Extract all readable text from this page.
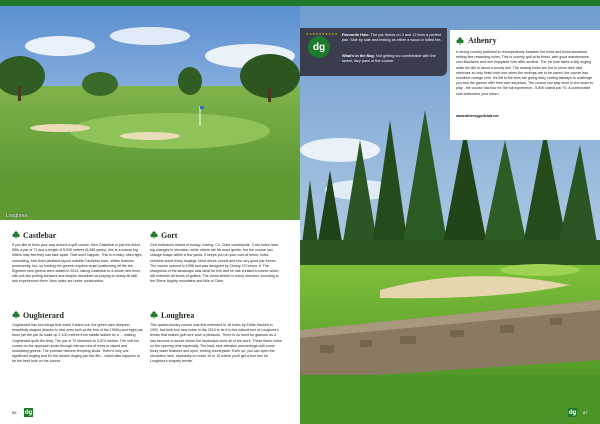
Loughrea
Castlebar

If you like to think your way around a golf course, then Castlebar is just the ticket. With a par of 71 and a length of 5,930 metres (6,485 yards), this is a course big hitters may feel they can take apart. That won't happen. This is a tricky, often tight, undulating, tree-lined parkland layout outside Castlebar town. Water features prominently, too, so holding the greens requires smart positioning off the tee. Eighteen new greens were added in 2013, taking Castlebar to a whole new level, with pot-like putting surfaces and shapes described as playing to nearly all skill and experienced them. New holes are under construction.

Gort

Gort embraces drama of bumpy, tracing, Co. Clare countryside. 3 are holes have big changes in elevation, while others are far more gentle, but the course can change shape within a few yards. It keeps you on your toes at times: holes combine some tricky doglegs, blind drives, ponds and four-wry good par threes. The course opened in 1996 and was designed by Christy O'Connor Jr. The sharpness of the landscape was ideal for him and he has created a course which will entertain all levels of golfers. The views stretch in every direction, including to the Slieve Aughty mountains and hills of Clare.

Oughterard

Oughterard has two things that make it stand out: the green care hbeyond beautifully shaped (thanks to new ones built at the end of the 1990s) and eight par fours (all the par 3s make up 2,100 metres from middle stakes for a ... making Oughterard quite the test). The par of 70 stretches to 5,874 metres. The real fun comes on the approach shots through narrow runs of trees to raised and undulating greens. The promise delivers tempting shots. There's only one significant dogleg and it's the double dogleg par five 8th... which also happens to be the best hole on the course.

Loughrea

This quaint country course was first extended to 18 holes by Eddie Hackett in 1993, but built four new holes in the 2010 to tie it to the natural feel of Loughrea's terrain that makes golf here such a pleasure. There is no need for glamour as it has become a course where the landscape does all of the work. These flame holes on the opening nine especially. The back nine elevates proceedings with some tricky water features and open, testing countryside. Even so, you can open the shoulders here, especially on holes 10 to 15 where you'll get a true feel for Loughrea's shapely terrain.

86 dg
★★★★★★★★★★
dg

Favourite Hole: The par threes on 3 and 12 form a perfect pair. Side by side and testing as either a wood or lofted tee.

What's in the Bag: Not getting too comfortable with the sweet, lazy pace of the course.

Athenry

A strong country parkland in retrospectively between the trees and tricks woodland setting fine rewarding holes. This is country golf at its finest, with good maintenance, cool flourishes and one enjoyable hole after another. The 1st hole takes a tidy dogleg while the 8th is about a woody doll. The closing holes are but to prove their vital stretches so only finish both tour when the endings are to be saved; the course has excellent change over. It's left to the tees are giving fairly cutting fairways to challenge you and the greens offer their own surprises. The course can play short to the seam to play - the course has four for the full experience - 5,800 claims par 70. A comfortable club clubrooms your return.

www.athenrygolfclub.net
dg 87
